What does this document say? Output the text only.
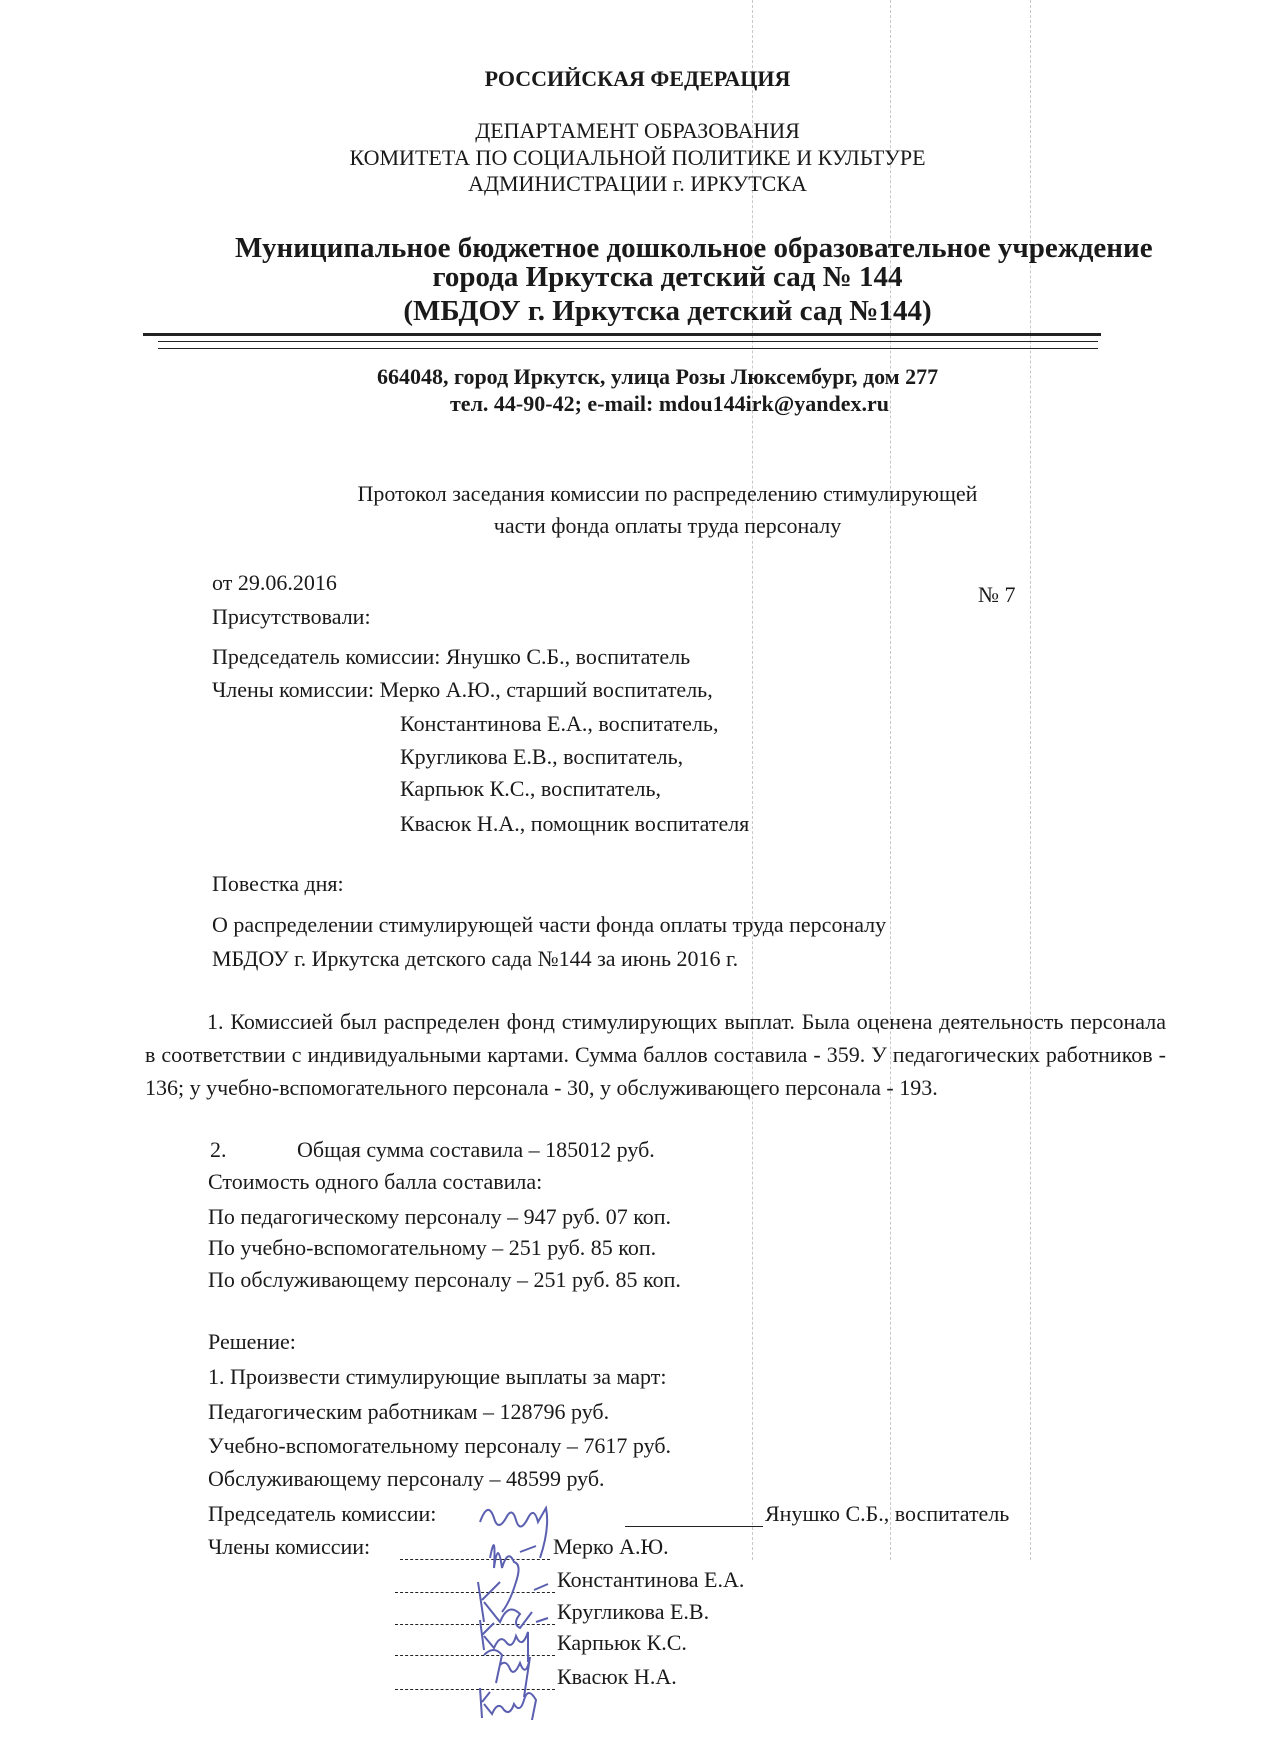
РОССИЙСКАЯ ФЕДЕРАЦИЯ
ДЕПАРТАМЕНТ ОБРАЗОВАНИЯ
КОМИТЕТА ПО СОЦИАЛЬНОЙ ПОЛИТИКЕ И КУЛЬТУРЕ
АДМИНИСТРАЦИИ г. ИРКУТСКА
Муниципальное бюджетное дошкольное образовательное учреждение
города Иркутска детский сад № 144
(МБДОУ г. Иркутска детский сад №144)
664048, город Иркутск, улица Розы Люксембург, дом 277
тел. 44-90-42; e-mail: mdou144irk@yandex.ru
Протокол заседания комиссии по распределению стимулирующей
части фонда оплаты труда персоналу
от 29.06.2016	№ 7
Присутствовали:
Председатель комиссии: Янушко С.Б., воспитатель
Члены комиссии: Мерко А.Ю., старший воспитатель,
Константинова Е.А., воспитатель,
Кругликова Е.В., воспитатель,
Карпьюк К.С., воспитатель,
Квасюк Н.А., помощник воспитателя
Повестка дня:
О распределении стимулирующей части фонда оплаты труда персоналу
МБДОУ г. Иркутска детского сада №144 за июнь 2016 г.
1. Комиссией был распределен фонд стимулирующих выплат. Была оценена деятельность персонала в соответствии с индивидуальными картами. Сумма баллов составила - 359. У педагогических работников - 136; у учебно-вспомогательного персонала - 30, у обслуживающего персонала - 193.
2.	Общая сумма составила – 185012 руб.
Стоимость одного балла составила:
По педагогическому персоналу – 947 руб. 07 коп.
По учебно-вспомогательному – 251 руб. 85 коп.
По обслуживающему персоналу – 251 руб. 85 коп.
Решение:
1. Произвести стимулирующие выплаты за март:
Педагогическим работникам – 128796 руб.
Учебно-вспомогательному персоналу – 7617 руб.
Обслуживающему персоналу – 48599 руб.
Председатель комиссии:	Янушко С.Б., воспитатель
Члены комиссии:	Мерко А.Ю.
Константинова Е.А.
Кругликова Е.В.
Карпьюк К.С.
Квасюк Н.А.
